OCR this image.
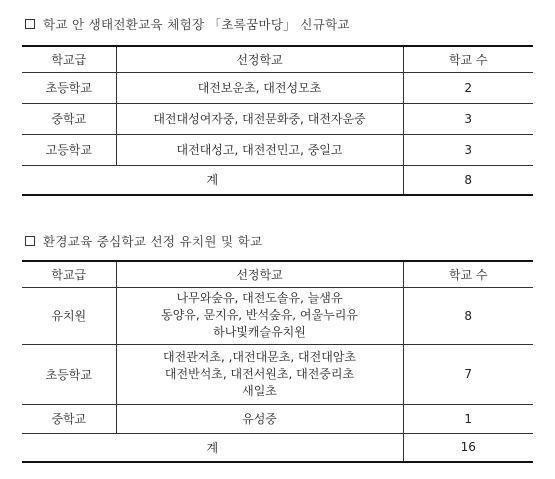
학교 안 생태전환교육 체험장 「초록꿈마당」 신규학교
학교급	선정학교	학교 수
초등학교	대전보운초, 대전성모초	2
중학교	대전대성여자중, 대전문화중, 대전자운중	3
고등학교	대전대성고, 대전전민고, 중일고	3
계		8
환경교육 중심학교 선정 유치원 및 학교
학교급	선정학교	학교 수
유치원	나무와숲유, 대전도솔유, 늘샘유
동양유, 문지유, 반석숲유, 여울누리유
하나빛캐슬유치원	8
초등학교	대전관저초, ,대전대문초, 대전대암초
대전반석초, 대전서원초, 대전중리초
새일초	7
중학교	유성중	1
계		16
